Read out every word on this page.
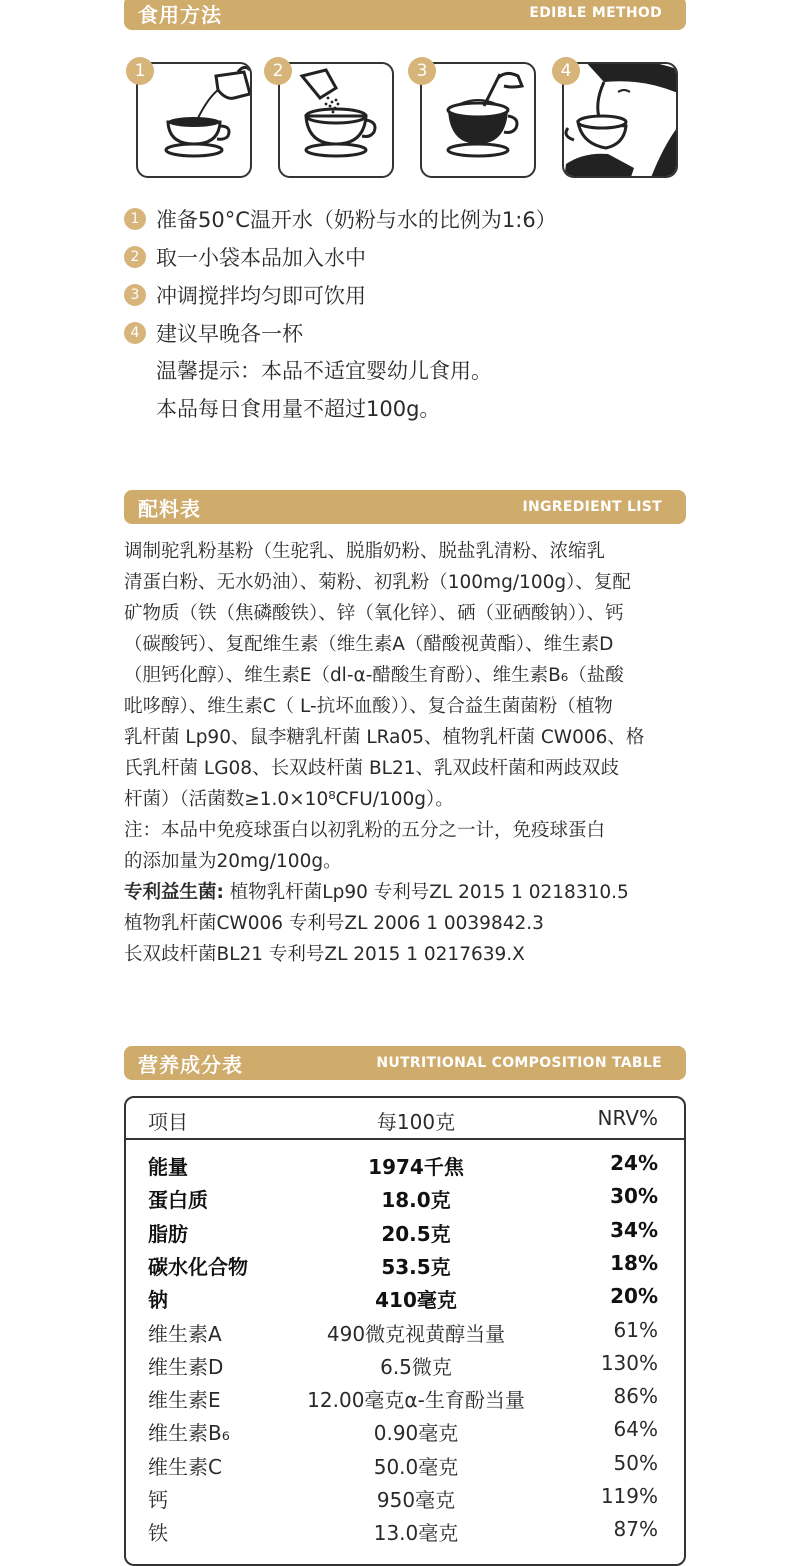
食用方法	EDIBLE METHOD
1	2	3	4
1 准备50°C温开水（奶粉与水的比例为1:6）
2 取一小袋本品加入水中
3 冲调搅拌均匀即可饮用
4 建议早晚各一杯
温馨提示：本品不适宜婴幼儿食用。
本品每日食用量不超过100g。
配料表	INGREDIENT LIST

调制驼乳粉基粉（生驼乳、脱脂奶粉、脱盐乳清粉、浓缩乳

清蛋白粉、无水奶油）、菊粉、初乳粉（100mg/100g）、复配

矿物质（铁（焦磷酸铁）、锌（氧化锌）、硒（亚硒酸钠））、钙

（碳酸钙）、复配维生素（维生素A（醋酸视黄酯）、维生素D

（胆钙化醇）、维生素E（dl-α-醋酸生育酚）、维生素B₆（盐酸

吡哆醇）、维生素C（ L-抗坏血酸））、复合益生菌菌粉（植物

乳杆菌 Lp90、鼠李糖乳杆菌 LRa05、植物乳杆菌 CW006、格

氏乳杆菌 LG08、长双歧杆菌 BL21、乳双歧杆菌和两歧双歧

杆菌）（活菌数≥1.0×10⁸CFU/100g）。

注：本品中免疫球蛋白以初乳粉的五分之一计，免疫球蛋白

的添加量为20mg/100g。

专利益生菌: 植物乳杆菌Lp90 专利号ZL 2015 1 0218310.5

植物乳杆菌CW006 专利号ZL 2006 1 0039842.3

长双歧杆菌BL21 专利号ZL 2015 1 0217639.X

营养成分表	NUTRITIONAL COMPOSITION TABLE
项目	每100克	NRV%
能量	1974千焦	24%
蛋白质	18.0克	30%
脂肪	20.5克	34%
碳水化合物	53.5克	18%
钠	410毫克	20%
维生素A	490微克视黄醇当量	61%
维生素D	6.5微克	130%
维生素E	12.00毫克α-生育酚当量	86%
维生素B₆	0.90毫克	64%
维生素C	50.0毫克	50%
钙	950毫克	119%
铁	13.0毫克	87%
